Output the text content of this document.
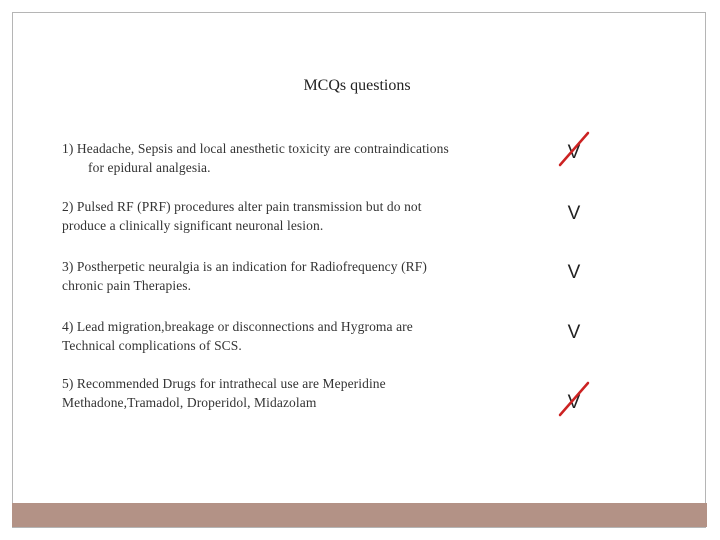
MCQs questions
1) Headache, Sepsis and local anesthetic toxicity are contraindications
for epidural analgesia.
2) Pulsed RF (PRF) procedures alter pain transmission but do not
produce a clinically significant neuronal lesion.
3) Postherpetic neuralgia is an indication for Radiofrequency (RF)
chronic pain Therapies.
4) Lead migration,breakage or disconnections and Hygroma are
Technical complications of SCS.
5) Recommended Drugs for intrathecal use are Meperidine
Methadone,Tramadol, Droperidol, Midazolam
V
V
V
V
V
